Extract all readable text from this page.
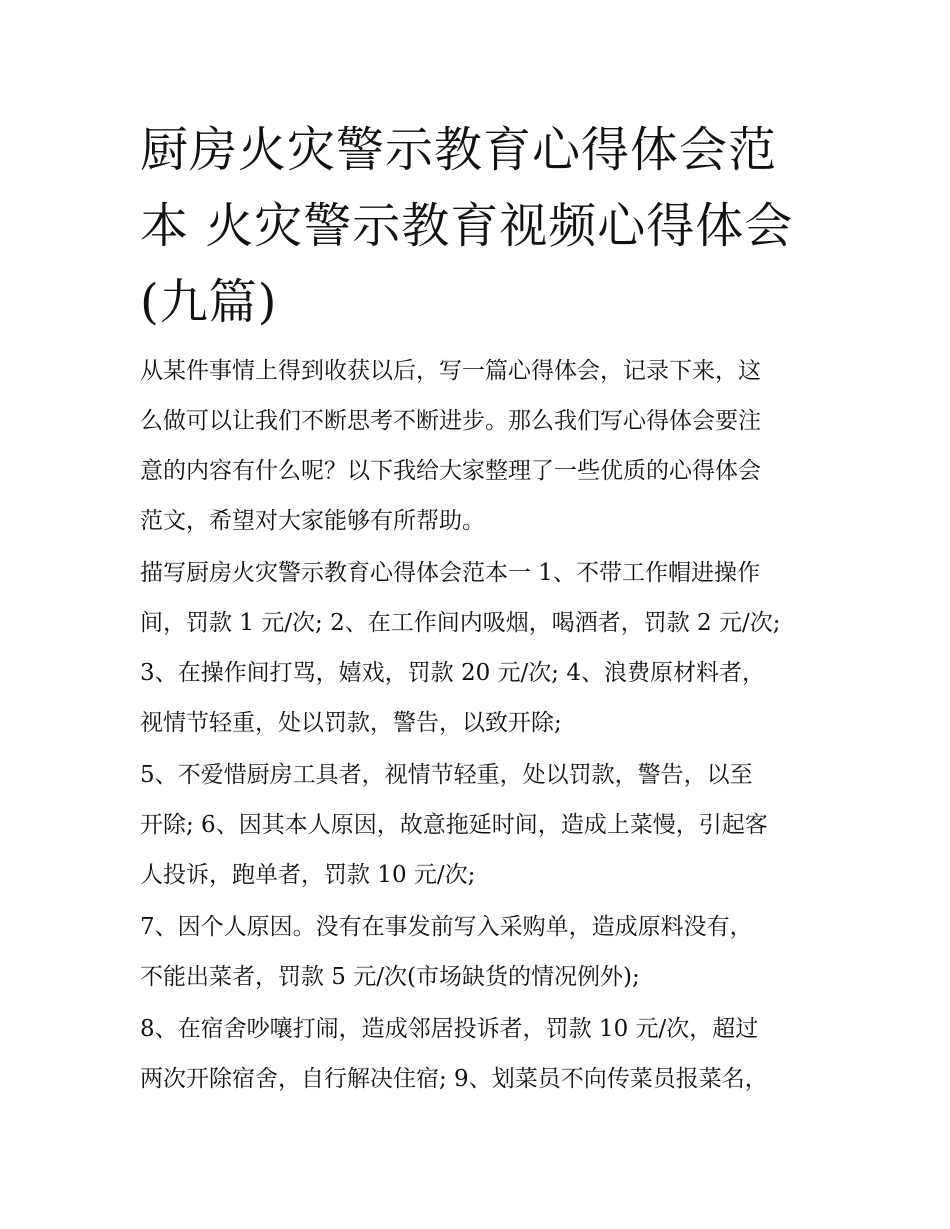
厨房火灾警示教育心得体会范
本 火灾警示教育视频心得体会
(九篇)

从某件事情上得到收获以后，写一篇心得体会，记录下来，这
么做可以让我们不断思考不断进步。那么我们写心得体会要注
意的内容有什么呢？以下我给大家整理了一些优质的心得体会
范文，希望对大家能够有所帮助。

描写厨房火灾警示教育心得体会范本一 1、不带工作帽进操作
间，罚款 1 元/次; 2、在工作间内吸烟，喝酒者，罚款 2 元/次;
3、在操作间打骂，嬉戏，罚款 20 元/次; 4、浪费原材料者，
视情节轻重，处以罚款，警告，以致开除;

5、不爱惜厨房工具者，视情节轻重，处以罚款，警告，以至
开除; 6、因其本人原因，故意拖延时间，造成上菜慢，引起客
人投诉，跑单者，罚款 10 元/次;

7、因个人原因。没有在事发前写入采购单，造成原料没有，
不能出菜者，罚款 5 元/次(市场缺货的情况例外);

8、在宿舍吵嚷打闹，造成邻居投诉者，罚款 10 元/次，超过
两次开除宿舍，自行解决住宿; 9、划菜员不向传菜员报菜名，
